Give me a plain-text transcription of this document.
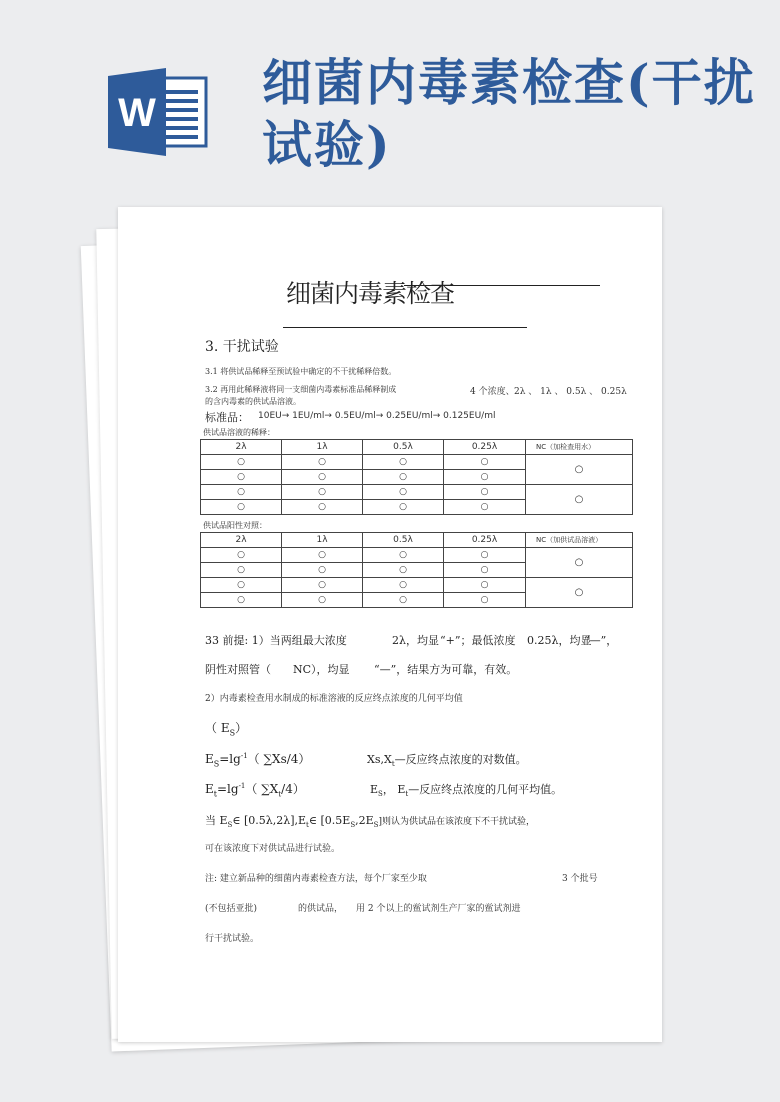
W
细菌内毒素检查(干扰试验)
细菌内毒素检查
3. 干扰试验
3.1 将供试品稀释至预试验中确定的不干扰稀释倍数。
3.2 再用此稀释液将同一支细菌内毒素标准品稀释制成
的含内毒素的供试品溶液。
4 个浓度、 2λ 、 1λ 、 0.5λ 、 0.25λ
标准品： 10EU→ 1EU/ml→ 0.5EU/ml→ 0.25EU/ml→ 0.125EU/ml
供试品溶液的稀释：
2λ	1λ	0.5λ	0.25λ	NC（加检查用水）
○	○	○	○	○
○	○	○	○	
○	○	○	○	○
○	○	○	○	
供试品阳性对照：
2λ	1λ	0.5λ	0.25λ	NC（加供试品溶液）
○	○	○	○	○
○	○	○	○	
○	○	○	○	○
○	○	○	○	
33 前提: 1）当两组最大浓度	2λ，均显 “+”；最低浓度 0.25λ，均显
“—”，
阴性对照管（ NC），均显 “—”，结果方为可靠，有效。
2）内毒素检查用水制成的标准溶液的反应终点浓度的几何平均值
（ $E_S$）
$E_S=\lg^{-1}$（ ∑Xs/4）	$Xs,X_t—$反应终点浓度的对数值。
$E_t=\lg^{-1}$（ $\sum X_t/4$）	$E_S$， $E_t—$反应终点浓度的几何平均值。
当 $E_S\in$ $[0.5\lambda,2\lambda],E_t\in$ $[0.5E_S,2E_S]$则认为供试品在该浓度下不干扰试验，
可在该浓度下对供试品进行试验。
注: 建立新品种的细菌内毒素检查方法，每个厂家至少取	3 个批号
(不包括亚批)	的供试品， 用 2 个以上的鲎试剂生产厂家的鲎试剂进
行干扰试验。
